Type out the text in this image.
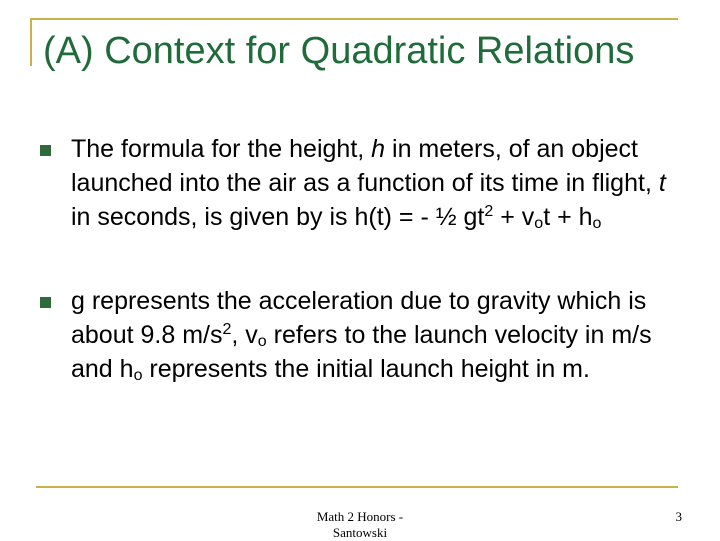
(A) Context for Quadratic Relations
The formula for the height, h in meters, of an object launched into the air as a function of its time in flight, t in seconds, is given by is h(t) = - ½ $gt^2 + v_ot + h_o$
g represents the acceleration due to gravity which is about 9.8 $m/s^2$, $v_o$ refers to the launch velocity in m/s and $h_o$ represents the initial launch height in m.
Math 2 Honors - Santowski
3
